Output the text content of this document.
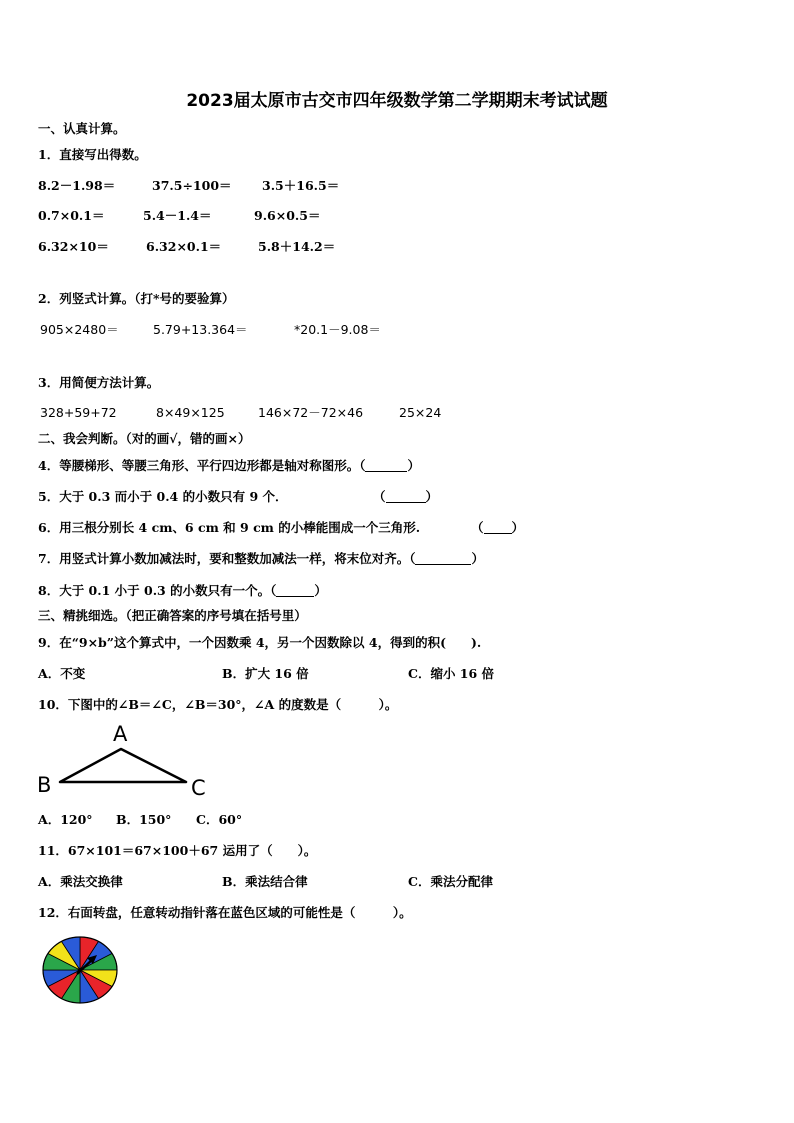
2023届太原市古交市四年级数学第二学期期末考试试题
一、认真计算。
1．直接写出得数。
8.2－1.98＝	37.5÷100＝ 3.5＋16.5＝
0.7×0.1＝	5.4－1.4＝	9.6×0.5＝
6.32×10＝	6.32×0.1＝	5.8＋14.2＝
2．列竖式计算。（打*号的要验算）
905×2480＝	5.79+13.364＝	*20.1－9.08＝
3．用简便方法计算。
328+59+72	8×49×125	146×72－72×46	25×24
二、我会判断。（对的画√，错的画×）
4．等腰梯形、等腰三角形、平行四边形都是轴对称图形。（	）
5．大于 0.3 而小于 0.4 的小数只有 9 个．	（	）
6．用三根分别长 4 cm、6 cm 和 9 cm 的小棒能围成一个三角形.	（ ）
7．用竖式计算小数加减法时，要和整数加减法一样，将末位对齐。（	）
8．大于 0.1 小于 0.3 的小数只有一个。（	）
三、精挑细选。（把正确答案的序号填在括号里）
9．在“9×b”这个算式中，一个因数乘 4，另一个因数除以 4，得到的积(　　).
A．不变	B．扩大 16 倍	C．缩小 16 倍
10．下图中的∠B＝∠C，∠B＝30°，∠A 的度数是（　　　）。
A
B	C
A．120° B．150° C．60°
11．67×101＝67×100＋67 运用了（　　）。
A．乘法交换律	B．乘法结合律	C．乘法分配律
12．右面转盘，任意转动指针落在蓝色区域的可能性是（　　　）。
